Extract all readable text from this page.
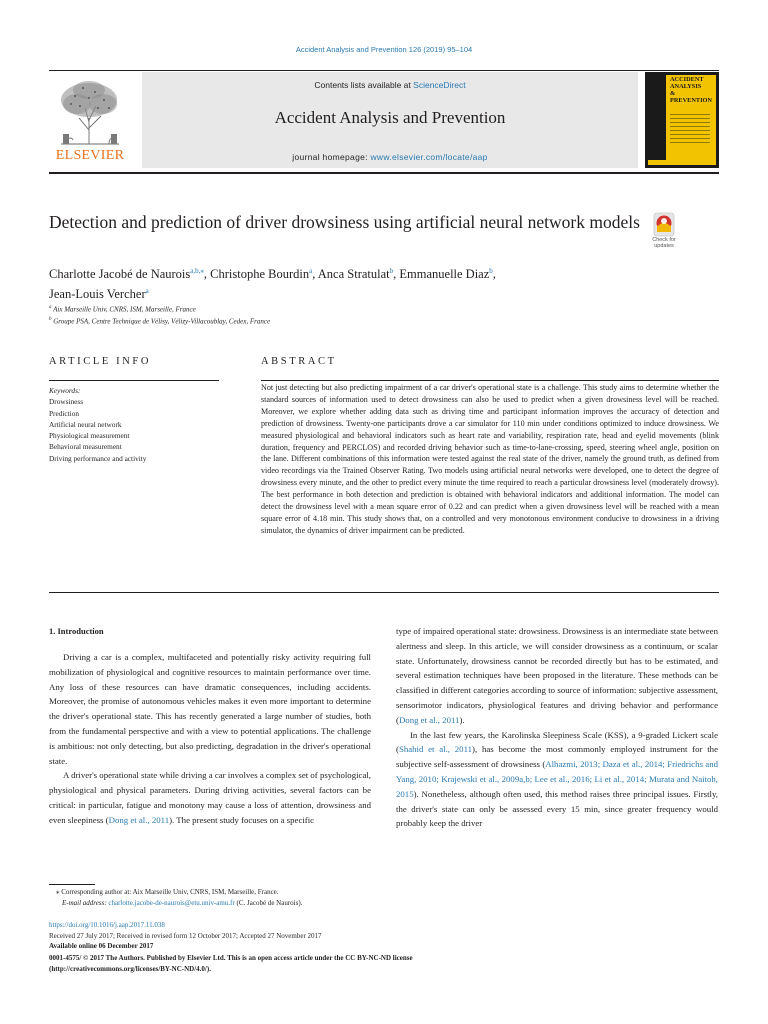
Accident Analysis and Prevention 126 (2019) 95–104
ELSEVIER
Contents lists available at ScienceDirect
Accident Analysis and Prevention
journal homepage: www.elsevier.com/locate/aap
ACCIDENT
ANALYSIS
&
PREVENTION
Detection and prediction of driver drowsiness using artificial neural network models
Check for updates
Charlotte Jacobé de Naurois$^{a,b,⁎}$, Christophe Bourdin$^a$, Anca Stratulat$^b$, Emmanuelle Diaz$^b$,
Jean-Louis Vercher$^a$
$^a$ Aix Marseille Univ, CNRS, ISM, Marseille, France
$^b$ Groupe PSA, Centre Technique de Vélisy, Vélizy-Villacoublay, Cedex, France
ARTICLE INFO
Keywords:
Drowsiness
Prediction
Artificial neural network
Physiological measurement
Behavioral measurement
Driving performance and activity
ABSTRACT
Not just detecting but also predicting impairment of a car driver's operational state is a challenge. This study aims to determine whether the standard sources of information used to detect drowsiness can also be used to predict when a given drowsiness level will be reached. Moreover, we explore whether adding data such as driving time and participant information improves the accuracy of detection and prediction of drowsiness. Twenty-one participants drove a car simulator for 110 min under conditions optimized to induce drowsiness. We measured physiological and behavioral indicators such as heart rate and variability, respiration rate, head and eyelid movements (blink duration, frequency and PERCLOS) and recorded driving behavior such as time-to-lane-crossing, speed, steering wheel angle, position on the lane. Different combinations of this information were tested against the real state of the driver, namely the ground truth, as defined from video recordings via the Trained Observer Rating. Two models using artificial neural networks were developed, one to detect the degree of drowsiness every minute, and the other to predict every minute the time required to reach a particular drowsiness level (moderately drowsy). The best performance in both detection and prediction is obtained with behavioral indicators and additional information. The model can detect the drowsiness level with a mean square error of 0.22 and can predict when a given drowsiness level will be reached with a mean square error of 4.18 min. This study shows that, on a controlled and very monotonous environment conducive to drowsiness in a driving simulator, the dynamics of driver impairment can be predicted.
1. Introduction

Driving a car is a complex, multifaceted and potentially risky activity requiring full mobilization of physiological and cognitive resources to maintain performance over time. Any loss of these resources can have dramatic consequences, including accidents. Moreover, the promise of autonomous vehicles makes it even more important to determine the driver's operational state. This has recently generated a large number of studies, both from the fundamental perspective and with a view to potential applications. The challenge is ambitious: not only detecting, but also predicting, degradation in the driver's operational state.

A driver's operational state while driving a car involves a complex set of psychological, physiological and physical parameters. During driving activities, several factors can be critical: in particular, fatigue and monotony may cause a loss of attention, drowsiness and even sleepiness (Dong et al., 2011). The present study focuses on a specific

type of impaired operational state: drowsiness. Drowsiness is an intermediate state between alertness and sleep. In this article, we will consider drowsiness as a continuum, or scalar state. Unfortunately, drowsiness cannot be recorded directly but has to be estimated, and several estimation techniques have been proposed in the literature. These methods can be classified in different categories according to source of information: subjective assessment, sensorimotor indicators, physiological features and driving behavior and performance (Dong et al., 2011).

In the last few years, the Karolinska Sleepiness Scale (KSS), a 9-graded Lickert scale (Shahid et al., 2011), has become the most commonly employed instrument for the subjective self-assessment of drowsiness (Alhazmi, 2013; Daza et al., 2014; Friedrichs and Yang, 2010; Krajewski et al., 2009a,b; Lee et al., 2016; Li et al., 2014; Murata and Naitoh, 2015). Nonetheless, although often used, this method raises three principal issues. Firstly, the driver's state can only be assessed every 15 min, since greater frequency would probably keep the driver

⁎ Corresponding author at: Aix Marseille Univ, CNRS, ISM, Marseille, France.
E-mail address: charlotte.jacobe-de-naurois@etu.univ-amu.fr (C. Jacobé de Naurois).
https://doi.org/10.1016/j.aap.2017.11.038
Received 27 July 2017; Received in revised form 12 October 2017; Accepted 27 November 2017
Available online 06 December 2017
0001-4575/ © 2017 The Authors. Published by Elsevier Ltd. This is an open access article under the CC BY-NC-ND license
(http://creativecommons.org/licenses/BY-NC-ND/4.0/).
